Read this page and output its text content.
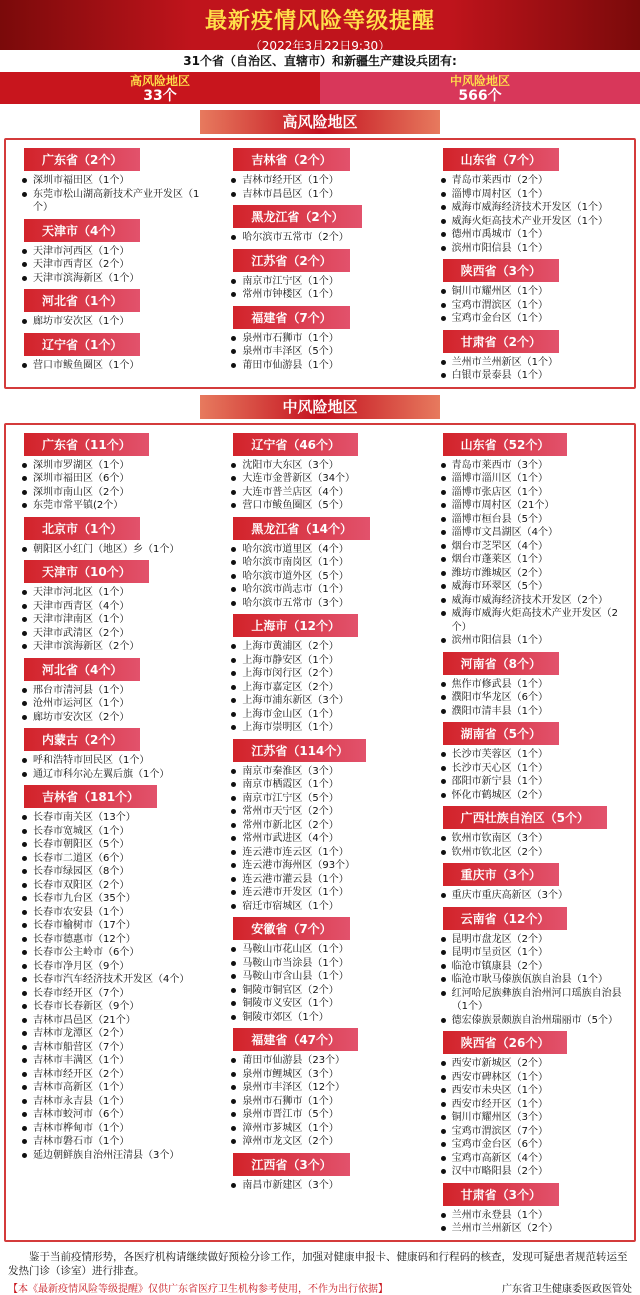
最新疫情风险等级提醒
（2022年3月22日9:30）
31个省（自治区、直辖市）和新疆生产建设兵团有:
高风险地区
33个
中风险地区
566个
高风险地区
广东省（2个）
深圳市福田区（1个）
东莞市松山湖高新技术产业开发区（1个）
天津市（4个）
天津市河西区（1个）
天津市西青区（2个）
天津市滨海新区（1个）
河北省（1个）
廊坊市安次区（1个）
辽宁省（1个）
营口市鲅鱼圈区（1个）
吉林省（2个）
吉林市经开区（1个）
吉林市昌邑区（1个）
黑龙江省（2个）
哈尔滨市五常市（2个）
江苏省（2个）
南京市江宁区（1个）
常州市钟楼区（1个）
福建省（7个）
泉州市石狮市（1个）
泉州市丰泽区（5个）
莆田市仙游县（1个）
山东省（7个）
青岛市莱西市（2个）
淄博市周村区（1个）
威海市威海经济技术开发区（1个）
威海火炬高技术产业开发区（1个）
德州市禹城市（1个）
滨州市阳信县（1个）
陕西省（3个）
铜川市耀州区（1个）
宝鸡市渭滨区（1个）
宝鸡市金台区（1个）
甘肃省（2个）
兰州市兰州新区（1个）
白银市景泰县（1个）
中风险地区
广东省（11个）
深圳市罗湖区（1个）
深圳市福田区（6个）
深圳市南山区（2个）
东莞市常平镇(2个）
北京市（1个）
朝阳区小红门（地区）乡（1个）
天津市（10个）
天津市河北区（1个）
天津市西青区（4个）
天津市津南区（1个）
天津市武清区（2个）
天津市滨海新区（2个）
河北省（4个）
邢台市清河县（1个）
沧州市运河区（1个）
廊坊市安次区（2个）
内蒙古（2个）
呼和浩特市回民区（1个）
通辽市科尔沁左翼后旗（1个）
吉林省（181个）
长春市南关区（13个）
长春市宽城区（1个）
长春市朝阳区（5个）
长春市二道区（6个）
长春市绿园区（8个）
长春市双阳区（2个）
长春市九台区（35个）
长春市农安县（1个）
长春市榆树市（17个）
长春市德惠市（12个）
长春市公主岭市（6个）
长春市净月区（9个）
长春市汽车经济技术开发区（4个）
长春市经开区（7个）
长春市长春新区（9个）
吉林市昌邑区（21个）
吉林市龙潭区（2个）
吉林市船营区（7个）
吉林市丰满区（1个）
吉林市经开区（2个）
吉林市高新区（1个）
吉林市永吉县（1个）
吉林市蛟河市（6个）
吉林市桦甸市（1个）
吉林市磐石市（1个）
延边朝鲜族自治州汪清县（3个）
辽宁省（46个）
沈阳市大东区（3个）
大连市金普新区（34个）
大连市普兰店区（4个）
营口市鲅鱼圈区（5个）
黑龙江省（14个）
哈尔滨市道里区（4个）
哈尔滨市南岗区（1个）
哈尔滨市道外区（5个）
哈尔滨市尚志市（1个）
哈尔滨市五常市（3个）
上海市（12个）
上海市黄浦区（2个）
上海市静安区（1个）
上海市闵行区（2个）
上海市嘉定区（2个）
上海市浦东新区（3个）
上海市金山区（1个）
上海市崇明区（1个）
江苏省（114个）
南京市秦淮区（3个）
南京市栖霞区（1个）
南京市江宁区（5个）
常州市天宁区（2个）
常州市新北区（2个）
常州市武进区（4个）
连云港市连云区（1个）
连云港市海州区（93个）
连云港市灌云县（1个）
连云港市开发区（1个）
宿迁市宿城区（1个）
安徽省（7个）
马鞍山市花山区（1个）
马鞍山市当涂县（1个）
马鞍山市含山县（1个）
铜陵市铜官区（2个）
铜陵市义安区（1个）
铜陵市郊区（1个）
福建省（47个）
莆田市仙游县（23个）
泉州市鲤城区（3个）
泉州市丰泽区（12个）
泉州市石狮市（1个）
泉州市晋江市（5个）
漳州市芗城区（1个）
漳州市龙文区（2个）
江西省（3个）
南昌市新建区（3个）
山东省（52个）
青岛市莱西市（3个）
淄博市淄川区（1个）
淄博市张店区（1个）
淄博市周村区（21个）
淄博市桓台县（5个）
淄博市文昌湖区（4个）
烟台市芝罘区（4个）
烟台市蓬莱区（1个）
潍坊市潍城区（2个）
威海市环翠区（5个）
威海市威海经济技术开发区（2个）
威海市威海火炬高技术产业开发区（2个）
滨州市阳信县（1个）
河南省（8个）
焦作市修武县（1个）
濮阳市华龙区（6个）
濮阳市清丰县（1个）
湖南省（5个）
长沙市芙蓉区（1个）
长沙市天心区（1个）
邵阳市新宁县（1个）
怀化市鹤城区（2个）
广西壮族自治区（5个）
钦州市钦南区（3个）
钦州市钦北区（2个）
重庆市（3个）
重庆市重庆高新区（3个）
云南省（12个）
昆明市盘龙区（2个）
昆明市呈贡区（1个）
临沧市镇康县（2个）
临沧市耿马傣族佤族自治县（1个）
红河哈尼族彝族自治州河口瑶族自治县（1个）
德宏傣族景颇族自治州瑞丽市（5个）
陕西省（26个）
西安市新城区（2个）
西安市碑林区（1个）
西安市未央区（1个）
西安市经开区（1个）
铜川市耀州区（3个）
宝鸡市渭滨区（7个）
宝鸡市金台区（6个）
宝鸡市高新区（4个）
汉中市略阳县（2个）
甘肃省（3个）
兰州市永登县（1个）
兰州市兰州新区（2个）
鉴于当前疫情形势，各医疗机构请继续做好预检分诊工作，加强对健康申报卡、健康码和行程码的核查，发现可疑患者规范转运至发热门诊（诊室）进行排查。
【本《最新疫情风险等级提醒》仅供广东省医疗卫生机构参考使用，不作为出行依据】	广东省卫生健康委医政医管处
